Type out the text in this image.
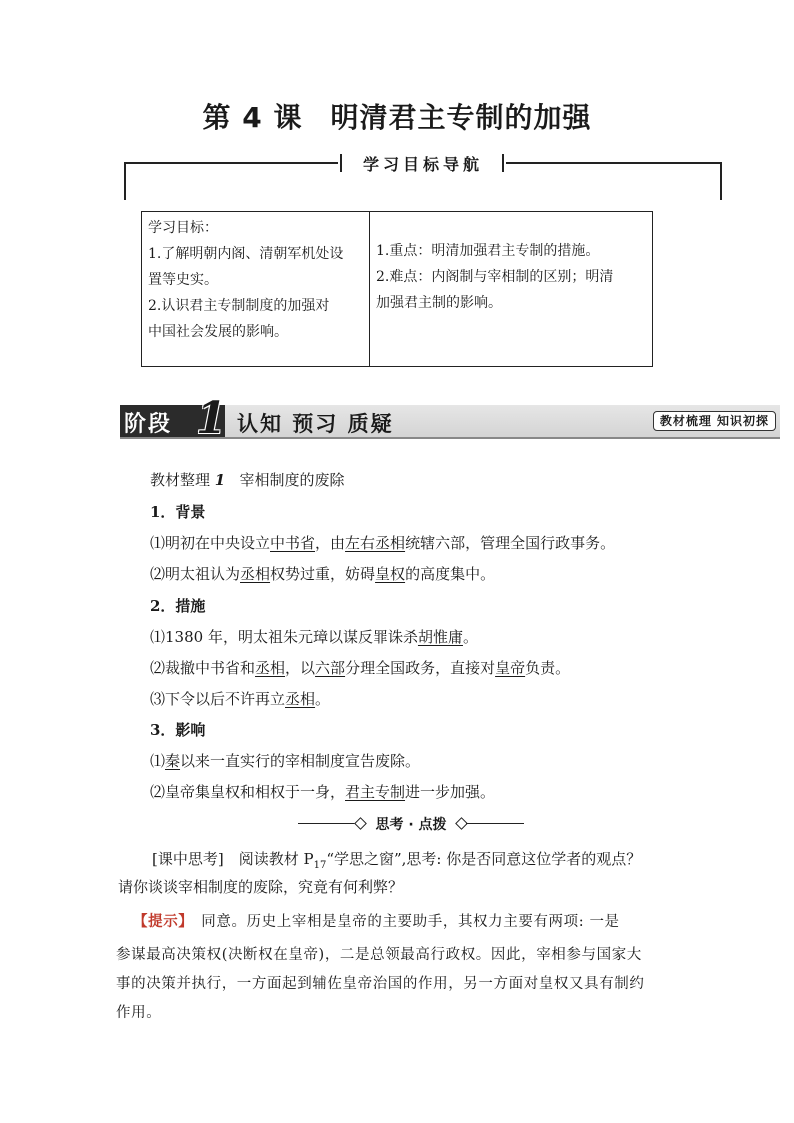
第 4 课 明清君主专制的加强
学习目标导航

学习目标：

1.了解明朝内阁、清朝军机处设

置等史实。

2.认识君主专制制度的加强对

中国社会发展的影响。

1.重点：明清加强君主专制的措施。

2.难点：内阁制与宰相制的区别；明清

加强君主制的影响。

阶段 1 认知 预习 质疑	教材梳理 知识初探
教材整理 1 宰相制度的废除
1．背景
⑴明初在中央设立中书省，由左右丞相统辖六部，管理全国行政事务。
⑵明太祖认为丞相权势过重，妨碍皇权的高度集中。
2．措施
⑴1380 年，明太祖朱元璋以谋反罪诛杀胡惟庸。
⑵裁撤中书省和丞相，以六部分理全国政务，直接对皇帝负责。
⑶下令以后不许再立丞相。
3．影响
⑴秦以来一直实行的宰相制度宣告废除。
⑵皇帝集皇权和相权于一身，君主专制进一步加强。
思考 · 点拨
[课中思考]　阅读教材 $P_{17}“$学思之窗”,思考: 你是否同意这位学者的观点？
请你谈谈宰相制度的废除，究竟有何利弊？
【提示】　同意。历史上宰相是皇帝的主要助手，其权力主要有两项: 一是
参谋最高决策权(决断权在皇帝)，二是总领最高行政权。因此，宰相参与国家大
事的决策并执行，一方面起到辅佐皇帝治国的作用，另一方面对皇权又具有制约
作用。
